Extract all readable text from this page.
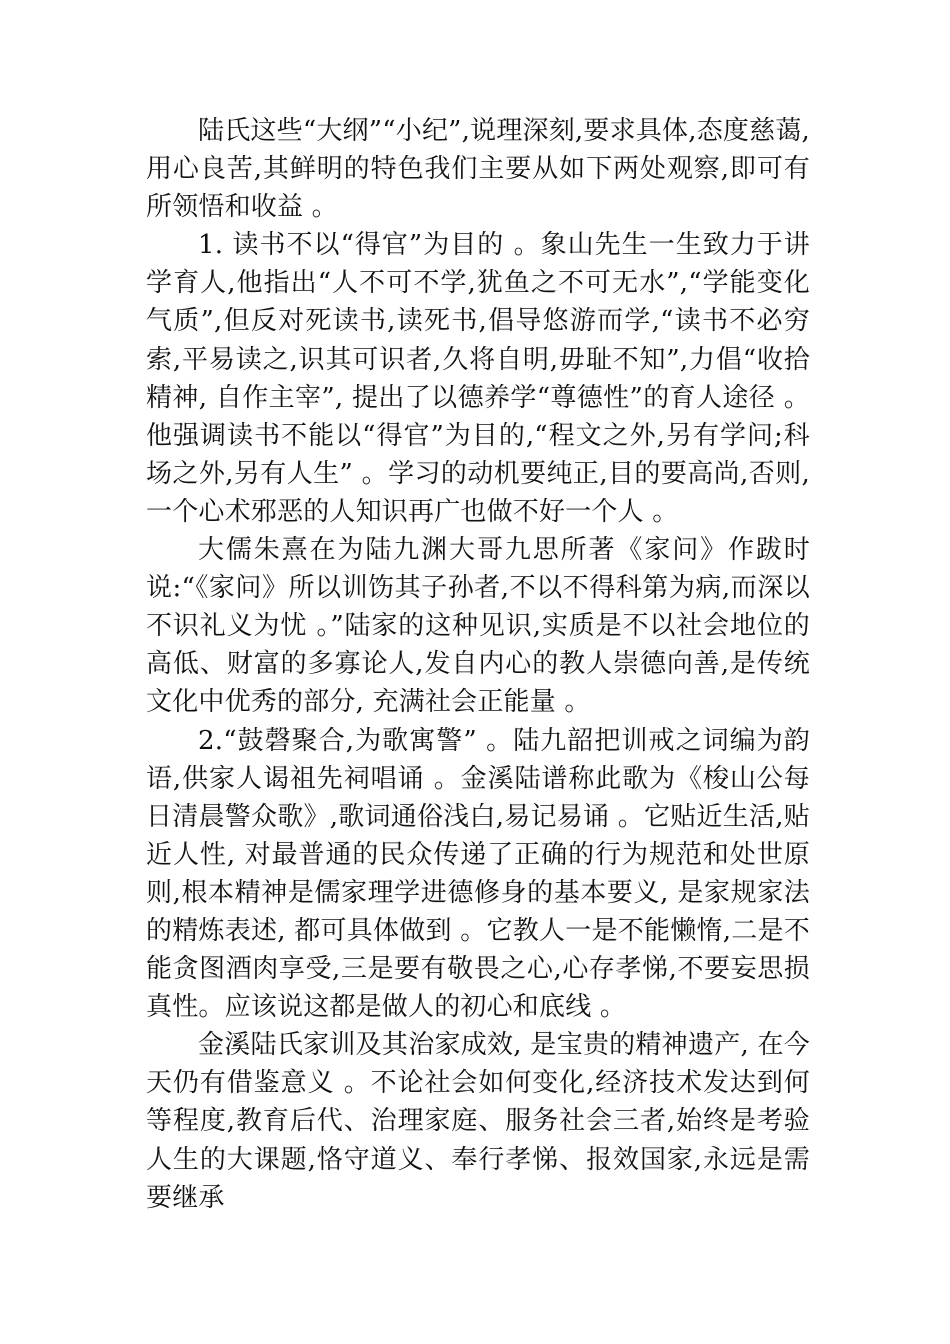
陆氏这些“大纲”“小纪”,说理深刻,要求具体,态度慈蔼,用心良苦,其鲜明的特色我们主要从如下两处观察,即可有所领悟和收益 。

1. 读书不以“得官”为目的 。象山先生一生致力于讲学育人,他指出“人不可不学,犹鱼之不可无水”,“学能变化气质”,但反对死读书,读死书,倡导悠游而学,“读书不必穷索,平易读之,识其可识者,久将自明,毋耻不知”,力倡“收拾精神, 自作主宰”, 提出了以德养学“尊德性”的育人途径 。他强调读书不能以“得官”为目的,“程文之外,另有学问;科场之外,另有人生” 。学习的动机要纯正,目的要高尚,否则,一个心术邪恶的人知识再广也做不好一个人 。

大儒朱熹在为陆九渊大哥九思所著《家问》作跋时说:“《家问》所以训饬其子孙者,不以不得科第为病,而深以不识礼义为忧 。”陆家的这种见识,实质是不以社会地位的高低、财富的多寡论人,发自内心的教人崇德向善,是传统文化中优秀的部分, 充满社会正能量 。

2.“鼓磬聚合,为歌寓警” 。陆九韶把训戒之词编为韵语,供家人谒祖先祠唱诵 。金溪陆谱称此歌为《梭山公每日清晨警众歌》,歌词通俗浅白,易记易诵 。它贴近生活,贴近人性, 对最普通的民众传递了正确的行为规范和处世原则,根本精神是儒家理学进德修身的基本要义, 是家规家法的精炼表述, 都可具体做到 。它教人一是不能懒惰,二是不能贪图酒肉享受,三是要有敬畏之心,心存孝悌,不要妄思损真性。应该说这都是做人的初心和底线 。

金溪陆氏家训及其治家成效, 是宝贵的精神遗产, 在今天仍有借鉴意义 。不论社会如何变化,经济技术发达到何等程度,教育后代、治理家庭、服务社会三者,始终是考验人生的大课题,恪守道义、奉行孝悌、报效国家,永远是需要继承
